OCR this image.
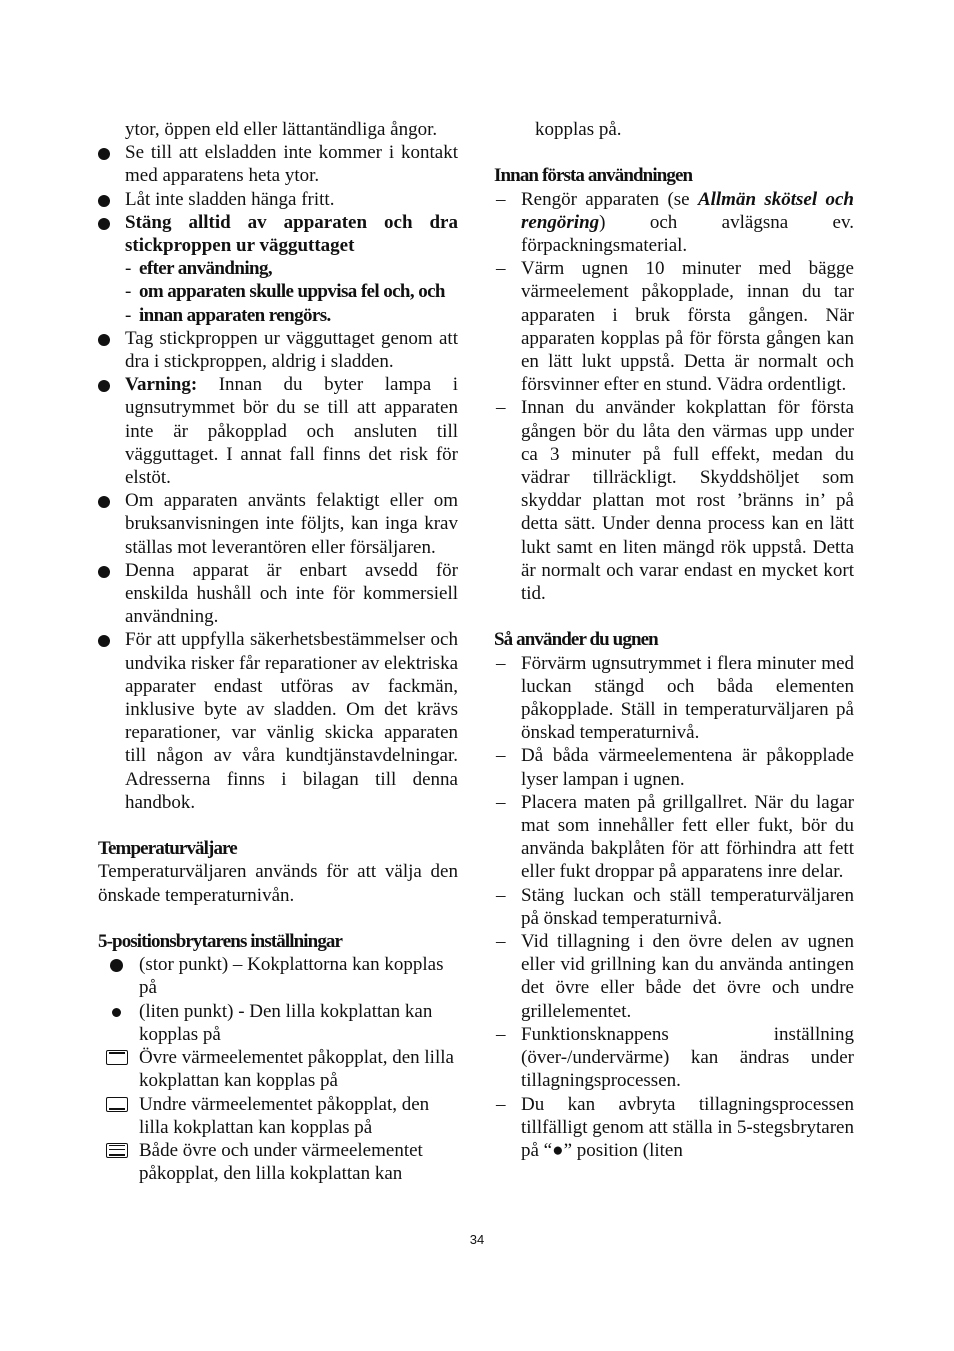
ytor, öppen eld eller lättantändliga ångor.
Se till att elsladden inte kommer i kontakt med apparatens heta ytor.
Låt inte sladden hänga fritt.
Stäng alltid av apparaten och dra stickproppen ur vägguttaget
- efter användning,
- om apparaten skulle uppvisa fel och, och
- innan apparaten rengörs.
Tag stickproppen ur vägguttaget genom att dra i stickproppen, aldrig i sladden.
Varning: Innan du byter lampa i ugnsutrymmet bör du se till att apparaten inte är påkopplad och ansluten till vägguttaget. I annat fall finns det risk för elstöt.
Om apparaten använts felaktigt eller om bruksanvisningen inte följts, kan inga krav ställas mot leverantören eller försäljaren.
Denna apparat är enbart avsedd för enskilda hushåll och inte för kommersiell användning.
För att uppfylla säkerhetsbestämmelser och undvika risker får reparationer av elektriska apparater endast utföras av fackmän, inklusive byte av sladden. Om det krävs reparationer, var vänlig skicka apparaten till någon av våra kundtjänstavdelningar. Adresserna finns i bilagan till denna handbok.
Temperaturväljare
Temperaturväljaren används för att välja den önskade temperaturnivån.
5-positionsbrytarens inställningar
(stor punkt) – Kokplattorna kan kopplas på
(liten punkt) - Den lilla kokplattan kan kopplas på
Övre värmeelementet påkopplat, den lilla kokplattan kan kopplas på
Undre värmeelementet påkopplat, den lilla kokplattan kan kopplas på
Både övre och under värmeelementet påkopplat, den lilla kokplattan kan
kopplas på.
Innan första användningen
– Rengör apparaten (se Allmän skötsel och rengöring) och avlägsna ev. förpackningsmaterial.
– Värm ugnen 10 minuter med bägge värmeelement påkopplade, innan du tar apparaten i bruk första gången. När apparaten kopplas på för första gången kan en lätt lukt uppstå. Detta är normalt och försvinner efter en stund. Vädra ordentligt.
– Innan du använder kokplattan för första gången bör du låta den värmas upp under ca 3 minuter på full effekt, medan du vädrar tillräckligt. Skyddshöljet som skyddar plattan mot rost ’bränns in’ på detta sätt. Under denna process kan en lätt lukt samt en liten mängd rök uppstå. Detta är normalt och varar endast en mycket kort tid.
Så använder du ugnen
– Förvärm ugnsutrymmet i flera minuter med luckan stängd och båda elementen påkopplade. Ställ in temperaturväljaren på önskad temperaturnivå.
– Då båda värmeelementena är påkopplade lyser lampan i ugnen.
– Placera maten på grillgallret. När du lagar mat som innehåller fett eller fukt, bör du använda bakplåten för att förhindra att fett eller fukt droppar på apparatens inre delar.
– Stäng luckan och ställ temperaturväljaren på önskad temperaturnivå.
– Vid tillagning i den övre delen av ugnen eller vid grillning kan du använda antingen det övre eller både det övre och undre grillelementet.
– Funktionsknappens inställning (över-/undervärme) kan ändras under tillagningsprocessen.
– Du kan avbryta tillagningsprocessen tillfälligt genom att ställa in 5-stegsbrytaren på “●” position (liten
34
